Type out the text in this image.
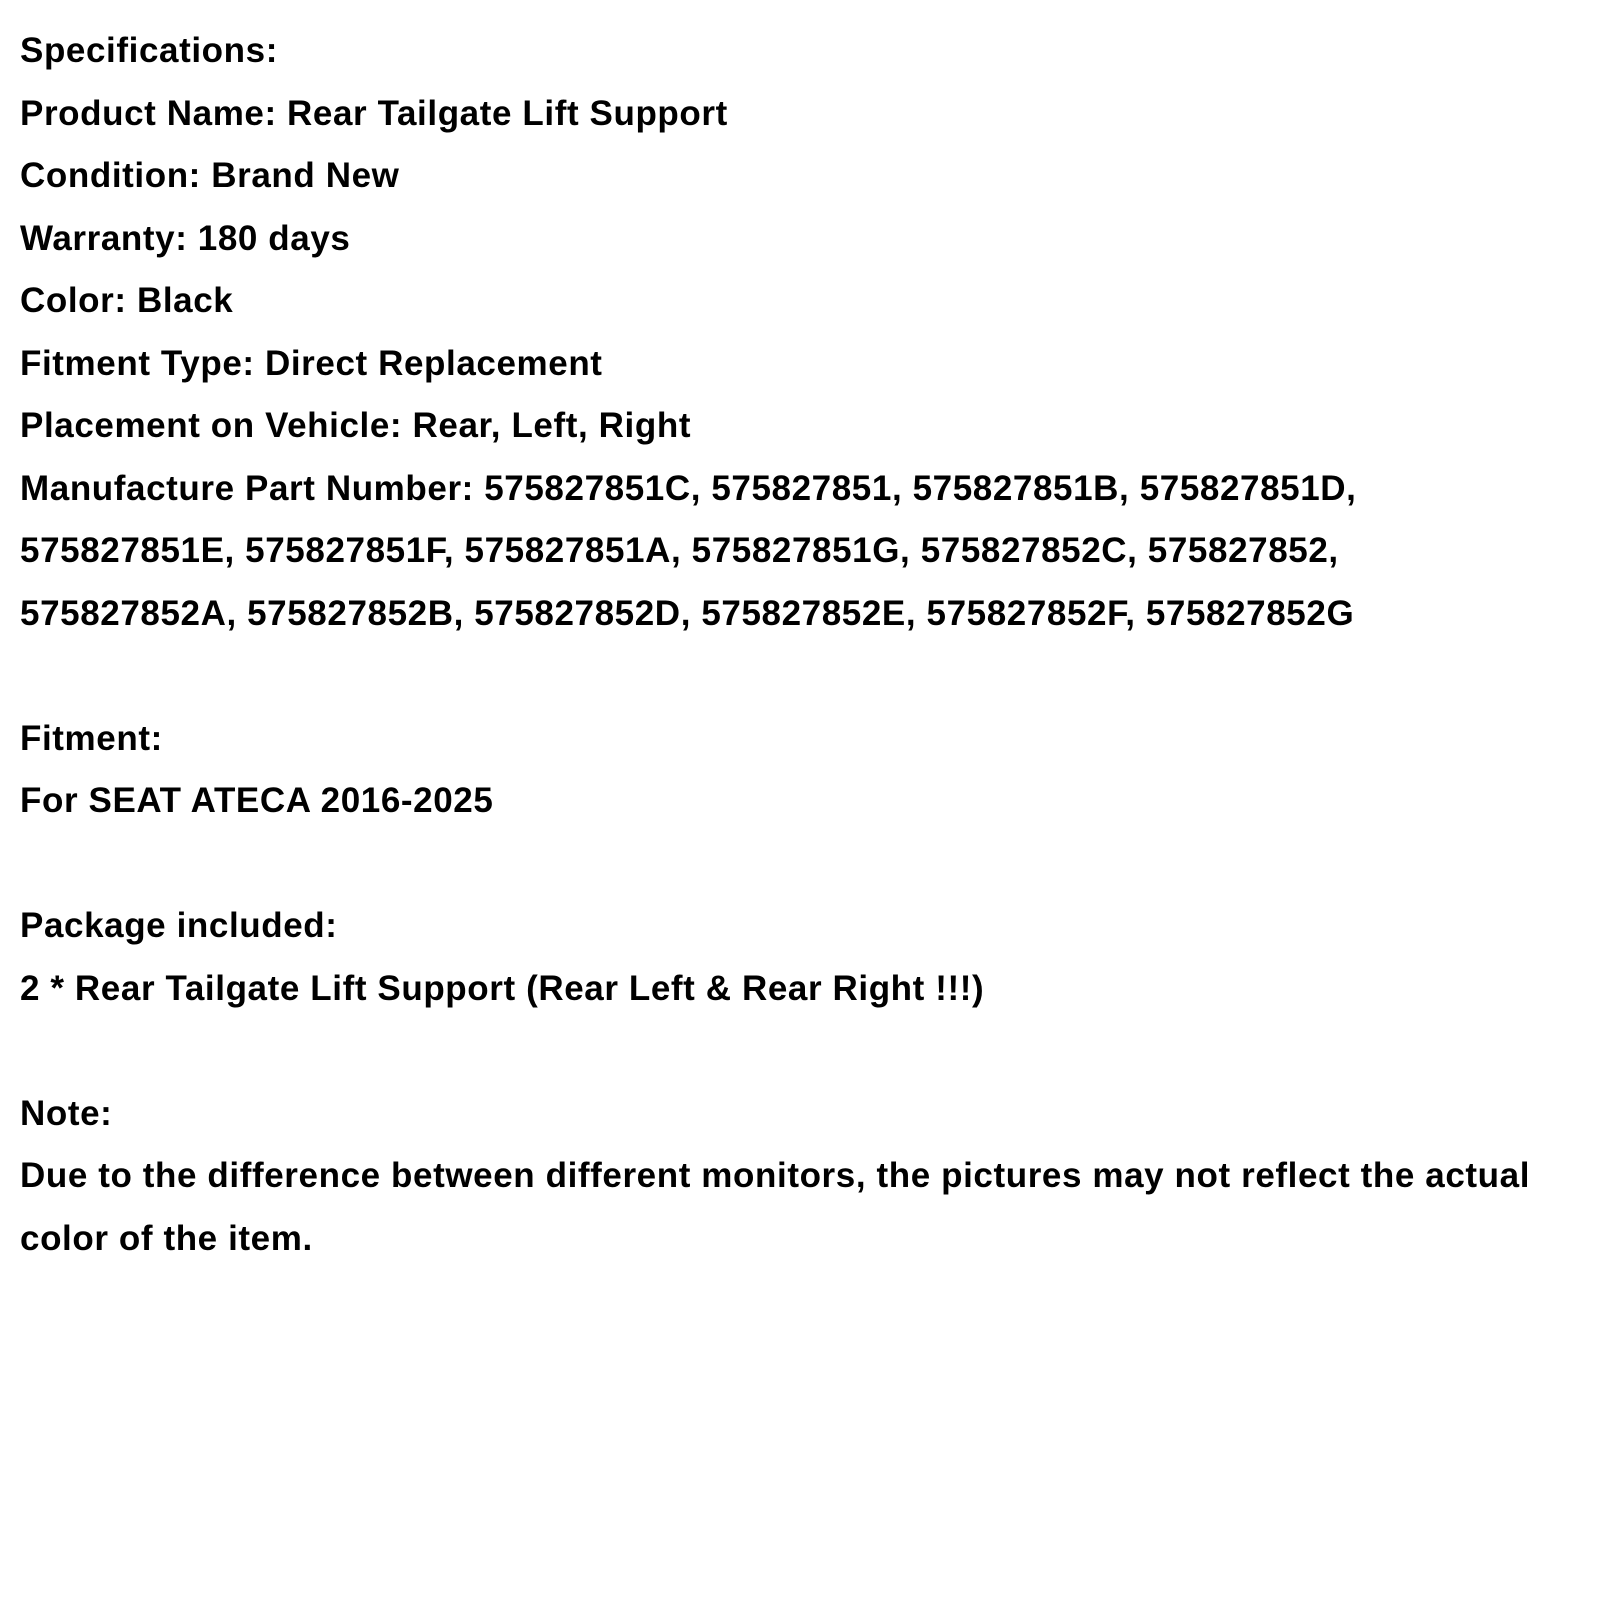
Specifications:
Product Name: Rear Tailgate Lift Support
Condition: Brand New
Warranty: 180 days
Color: Black
Fitment Type: Direct Replacement
Placement on Vehicle: Rear, Left, Right
Manufacture Part Number: 575827851C, 575827851, 575827851B, 575827851D,
575827851E, 575827851F, 575827851A, 575827851G, 575827852C, 575827852,
575827852A, 575827852B, 575827852D, 575827852E, 575827852F, 575827852G
Fitment:
For SEAT ATECA 2016-2025
Package included:
2 * Rear Tailgate Lift Support (Rear Left & Rear Right !!!)
Note:
Due to the difference between different monitors, the pictures may not reflect the actual
color of the item.
